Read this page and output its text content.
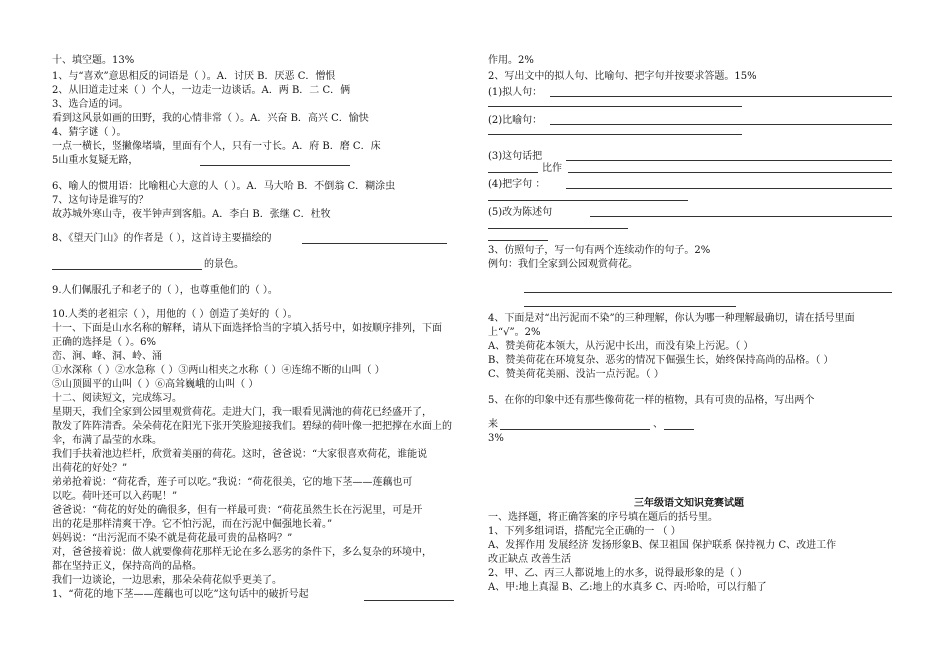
十、填空题。13%
1、与“喜欢”意思相反的词语是（ ）。A．讨厌 B．厌恶 C．憎恨
2、从旧道走过来（ ）个人，一边走一边谈话。A．两 B．二 C．俩
3、选合适的词。
看到这风景如画的田野，我的心情非常（ ）。A．兴奋 B．高兴 C．愉快
4、猜字谜（ ）。
一点一横长，竖撇像堵墙，里面有个人，只有一寸长。A．府 B．磨 C．床
5山重水复疑无路，
6、喻人的惯用语：比喻粗心大意的人（ ）。A．马大哈 B．不倒翁 C．糊涂虫
7、这句诗是谁写的？
故苏城外寒山寺，夜半钟声到客船。A．李白 B．张继 C．杜牧
8、《望天门山》的作者是（ ），这首诗主要描绘的
的景色。
9.人们佩服孔子和老子的（ ），也尊重他们的（ ）。
10.人类的老祖宗（ ），用他的（ ）创造了美好的（ ）。
十一、下面是山水名称的解释，请从下面选择恰当的字填入括号中，如按顺序排列，下面
正确的选择是（ ）。6%
峦、涧、峰、洞、岭、涌
①水深称（ ）②水急称（ ）③两山相夹之水称（ ）④连绵不断的山叫（ ）
⑤山顶圆平的山叫（ ）⑥高耸巍峨的山叫（ ）
十二、阅读短文，完成练习。
星期天，我们全家到公园里观赏荷花。走进大门，我一眼看见满池的荷花已经盛开了，
散发了阵阵清香。朵朵荷花在阳光下张开笑脸迎接我们。碧绿的荷叶像一把把撑在水面上的
伞，布满了晶莹的水珠。
我们手扶着池边栏杆，欣赏着美丽的荷花。这时，爸爸说：“大家很喜欢荷花，谁能说
出荷花的好处？”
弟弟抢着说：“荷花香，莲子可以吃。”我说：“荷花很美，它的地下茎——莲藕也可
以吃。荷叶还可以入药呢！”
爸爸说：“荷花的好处的确很多，但有一样最可贵：“荷花虽然生长在污泥里，可是开
出的花是那样清爽干净。它不怕污泥，而在污泥中倔强地长着。”
妈妈说：“出污泥而不染不就是荷花最可贵的品格吗？”
对，爸爸接着说：做人就要像荷花那样无论在多么恶劣的条件下，多么复杂的环境中，
都在坚持正义，保持高尚的品格。
我们一边谈论，一边思索，那朵朵荷花似乎更美了。
1、“荷花的地下茎——莲藕也可以吃”这句话中的破折号起
作用。2%
2、写出文中的拟人句、比喻句、把字句并按要求答题。15%
(1)拟人句：
(2)比喻句：
(3)这句话把
比作
(4)把字句 ：
(5)改为陈述句
3、仿照句子，写一句有两个连续动作的句子。2%
例句：我们全家到公园观赏荷花。
4、下面是对“出污泥而不染”的三种理解，你认为哪一种理解最确切，请在括号里面
上“√”。2%
A、赞美荷花本领大，从污泥中长出，而没有染上污泥。（ ）
B、赞美荷花在环境复杂、恶劣的情况下倔强生长，始终保持高尚的品格。（ ）
C、赞美荷花美丽、没沾一点污泥。（ ）
5、在你的印象中还有那些像荷花一样的植物，具有可贵的品格，写出两个
来	、
3%
三年级语文知识竞赛试题
一、选择题，将正确答案的序号填在题后的括号里。
1、下列多组词语，搭配完全正确的一 （ ）
A、发挥作用 发展经济 发扬形象B、保卫祖国 保护联系 保持视力 C、改进工作
改正缺点 改善生活
2、甲、乙、丙三人都说地上的水多，说得最形象的是（ ）
A、甲:地上真湿 B、乙:地上的水真多 C、丙:哈哈，可以行船了
